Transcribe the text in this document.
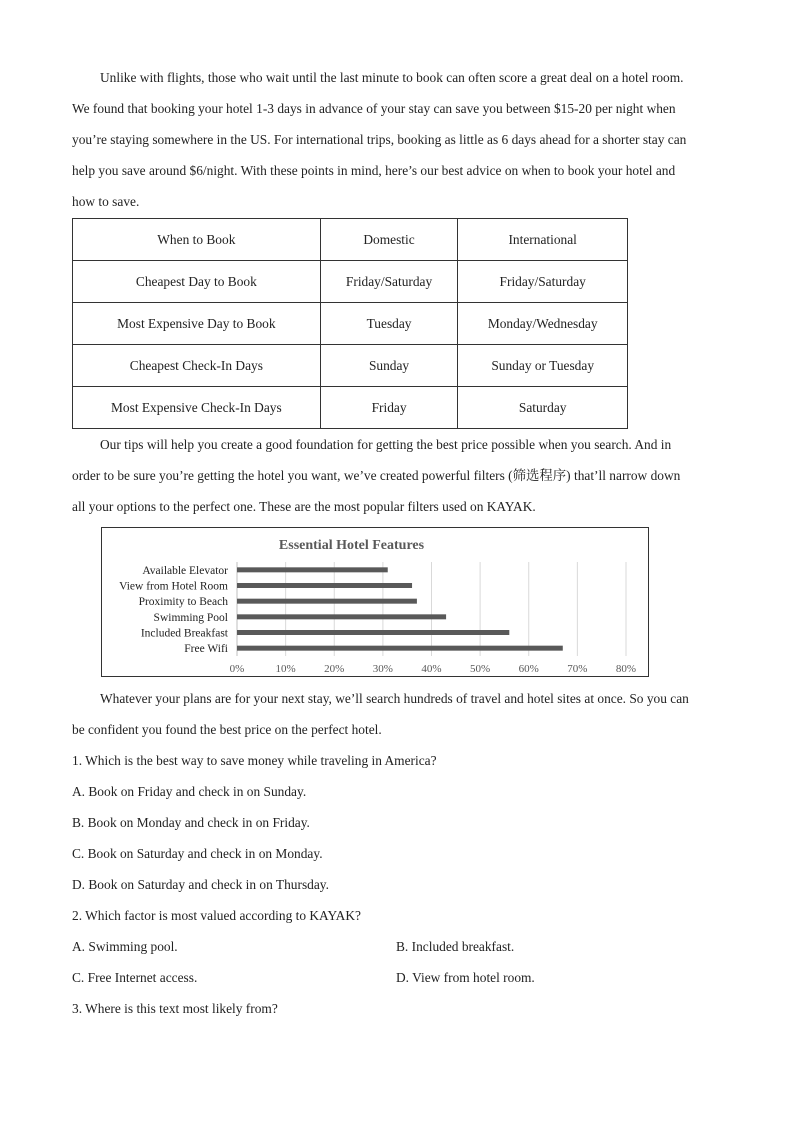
Unlike with flights, those who wait until the last minute to book can often score a great deal on a hotel room.

We found that booking your hotel 1-3 days in advance of your stay can save you between $15-20 per night when

you’re staying somewhere in the US. For international trips, booking as little as 6 days ahead for a shorter stay can

help you save around $6/night. With these points in mind, here’s our best advice on when to book your hotel and

how to save.

When to Book	Domestic	International
Cheapest Day to Book	Friday/Saturday	Friday/Saturday
Most Expensive Day to Book	Tuesday	Monday/Wednesday
Cheapest Check-In Days	Sunday	Sunday or Tuesday
Most Expensive Check-In Days	Friday	Saturday

Our tips will help you create a good foundation for getting the best price possible when you search. And in

order to be sure you’re getting the hotel you want, we’ve created powerful filters (筛选程序) that’ll narrow down

all your options to the perfect one. These are the most popular filters used on KAYAK.

Essential Hotel Features
0%	10%	20%	30%	40%	50%	60%	70%	80%
Available Elevator
View from Hotel Room
Proximity to Beach
Swimming Pool
Included Breakfast
Free Wifi

Whatever your plans are for your next stay, we’ll search hundreds of travel and hotel sites at once. So you can

be confident you found the best price on the perfect hotel.

1. Which is the best way to save money while traveling in America?

A. Book on Friday and check in on Sunday.

B. Book on Monday and check in on Friday.

C. Book on Saturday and check in on Monday.

D. Book on Saturday and check in on Thursday.

2. Which factor is most valued according to KAYAK?

A. Swimming pool.	B. Included breakfast.
C. Free Internet access.	D. View from hotel room.

3. Where is this text most likely from?
